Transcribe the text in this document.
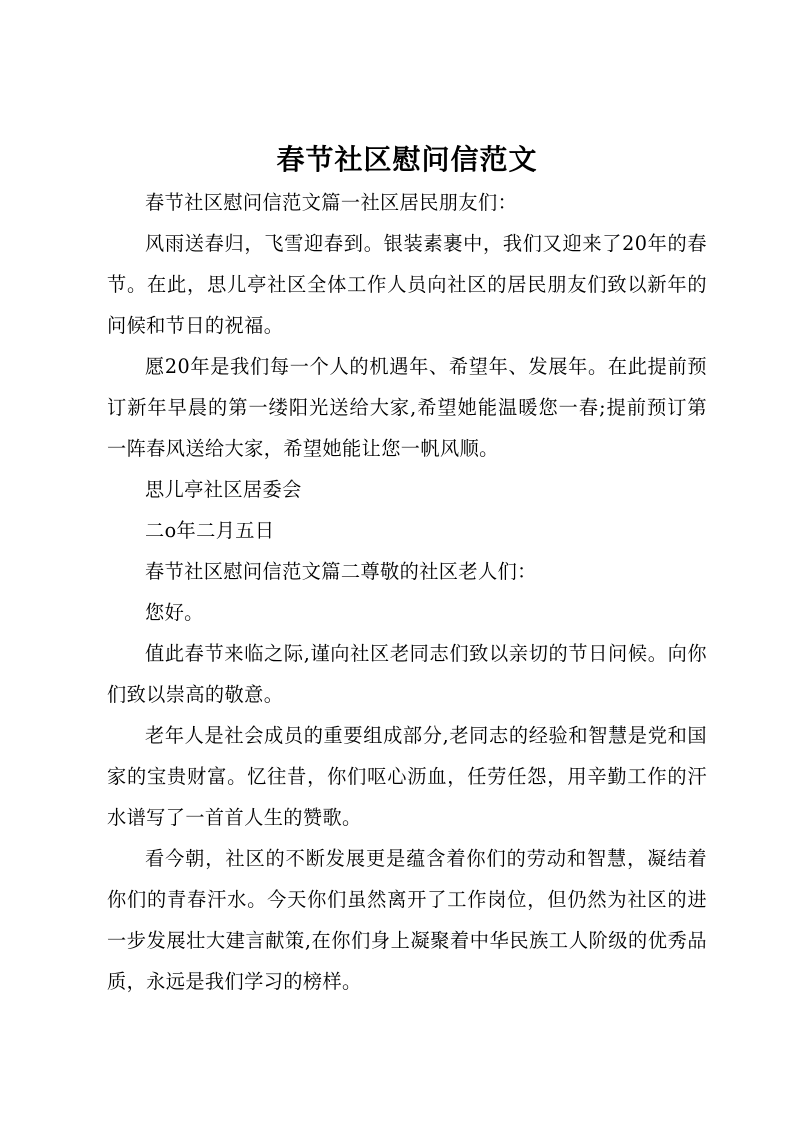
春节社区慰问信范文

春节社区慰问信范文篇一社区居民朋友们：

风雨送春归，飞雪迎春到。银装素裹中，我们又迎来了20年的春节。在此，思儿亭社区全体工作人员向社区的居民朋友们致以新年的问候和节日的祝福。

愿20年是我们每一个人的机遇年、希望年、发展年。在此提前预订新年早晨的第一缕阳光送给大家,希望她能温暖您一春;提前预订第一阵春风送给大家，希望她能让您一帆风顺。

思儿亭社区居委会

二o年二月五日

春节社区慰问信范文篇二尊敬的社区老人们：

您好。

值此春节来临之际,谨向社区老同志们致以亲切的节日问候。向你们致以崇高的敬意。

老年人是社会成员的重要组成部分,老同志的经验和智慧是党和国家的宝贵财富。忆往昔，你们呕心沥血，任劳任怨，用辛勤工作的汗水谱写了一首首人生的赞歌。

看今朝，社区的不断发展更是蕴含着你们的劳动和智慧，凝结着你们的青春汗水。今天你们虽然离开了工作岗位，但仍然为社区的进一步发展壮大建言献策,在你们身上凝聚着中华民族工人阶级的优秀品质，永远是我们学习的榜样。
